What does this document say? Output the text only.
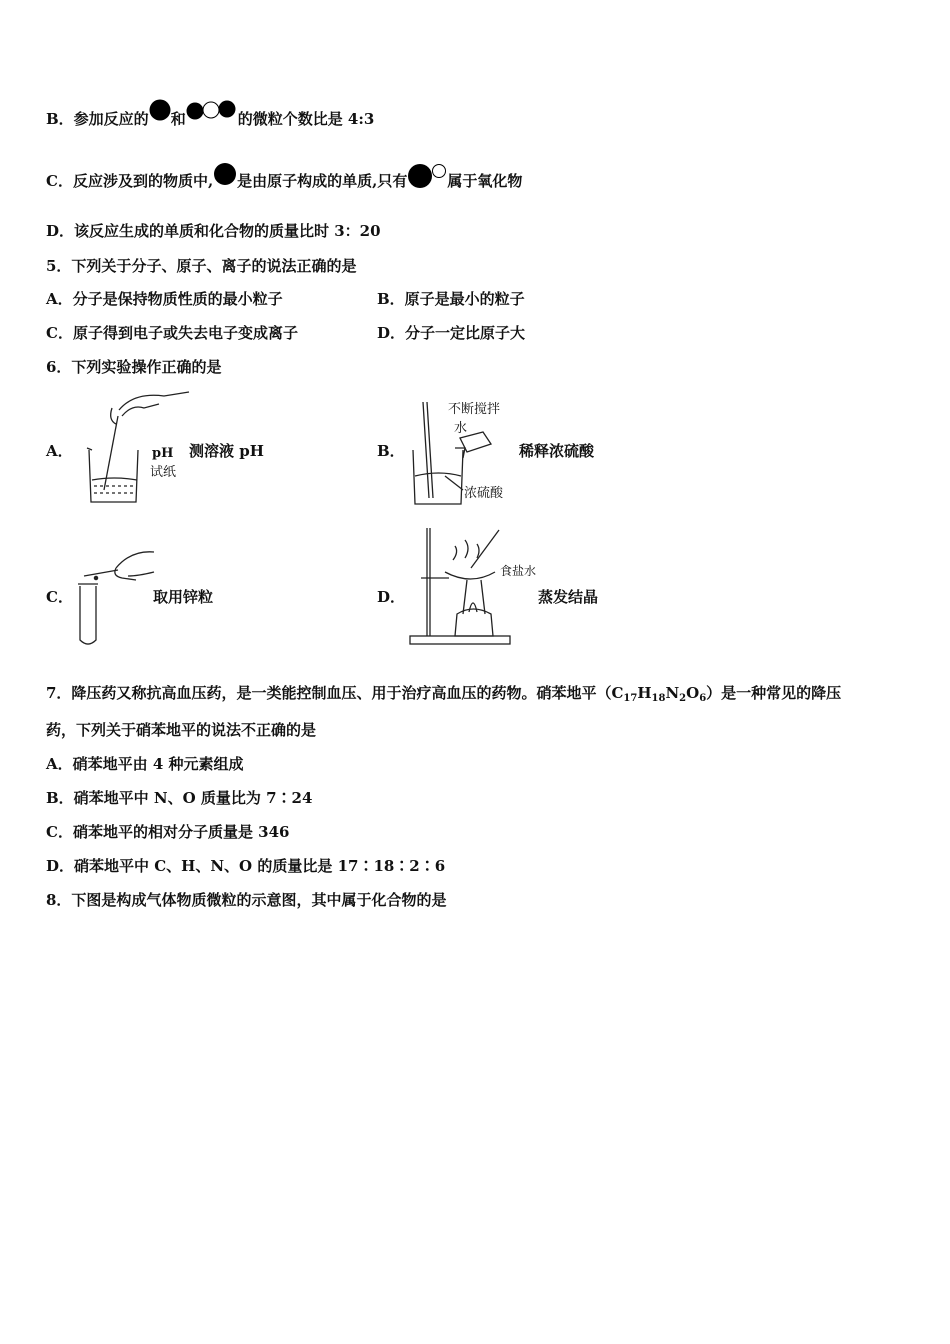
B．参加反应的 和	的微粒个数比是 4:3
C．反应涉及到的物质中, 是由原子构成的单质,只有	属于氧化物
D．该反应生成的单质和化合物的质量比时 3：20
5．下列关于分子、原子、离子的说法正确的是
A．分子是保持物质性质的最小粒子	B．原子是最小的粒子
C．原子得到电子或失去电子变成离子	D．分子一定比原子大
6．下列实验操作正确的是
A．	pH
试纸
测溶液 pH	B．
不断搅拌
水
浓硫酸
稀释浓硫酸
C．	取用锌粒	D．
食盐水
蒸发结晶
7．降压药又称抗高血压药，是一类能控制血压、用于治疗高血压的药物。硝苯地平$(C_{17}H_{18}N_2O_6)$是一种常见的降压
药，下列关于硝苯地平的说法不正确的是
A．硝苯地平由 4 种元素组成
B．硝苯地平中 N、O 质量比为 7∶24
C．硝苯地平的相对分子质量是 346
D．硝苯地平中 C、H、N、O 的质量比是 17∶18∶2∶6
8．下图是构成气体物质微粒的示意图，其中属于化合物的是
